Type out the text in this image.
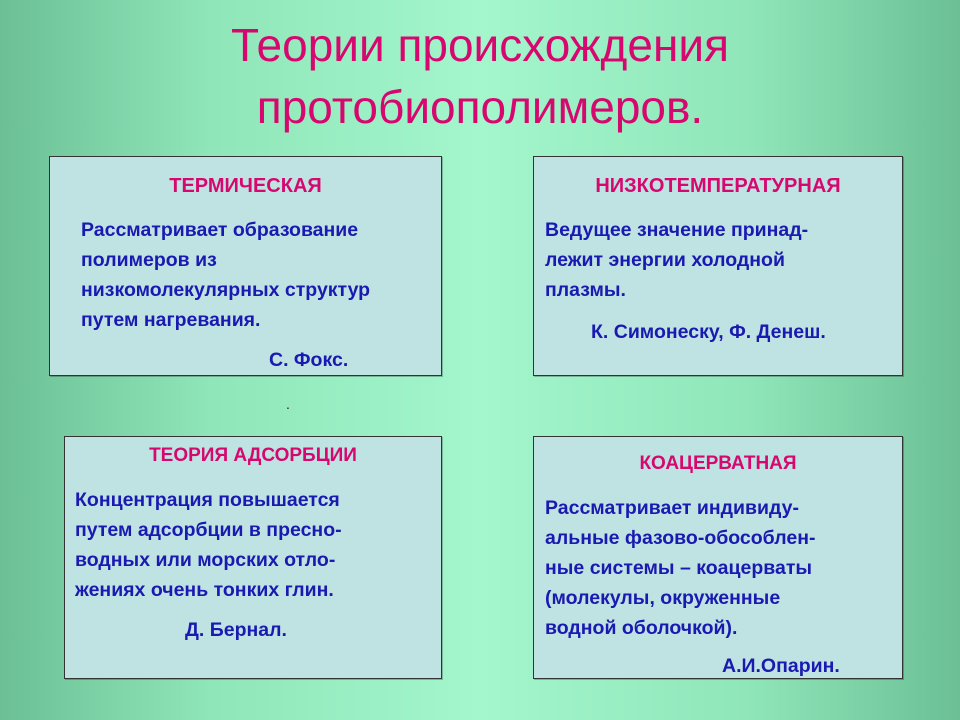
Теории происхождения
протобиополимеров.
ТЕРМИЧЕСКАЯ
Рассматривает образование
полимеров из
низкомолекулярных структур
путем нагревания.
С. Фокс.
НИЗКОТЕМПЕРАТУРНАЯ
Ведущее значение принад-
лежит энергии холодной
плазмы.
К. Симонеску, Ф. Денеш.
ТЕОРИЯ АДСОРБЦИИ
Концентрация повышается
путем адсорбции в пресно-
водных или морских отло-
жениях очень тонких глин.
Д. Бернал.
КОАЦЕРВАТНАЯ
Рассматривает индивиду-
альные фазово-обособлен-
ные системы – коацерваты
(молекулы, окруженные
водной оболочкой).
А.И.Опарин.
.
